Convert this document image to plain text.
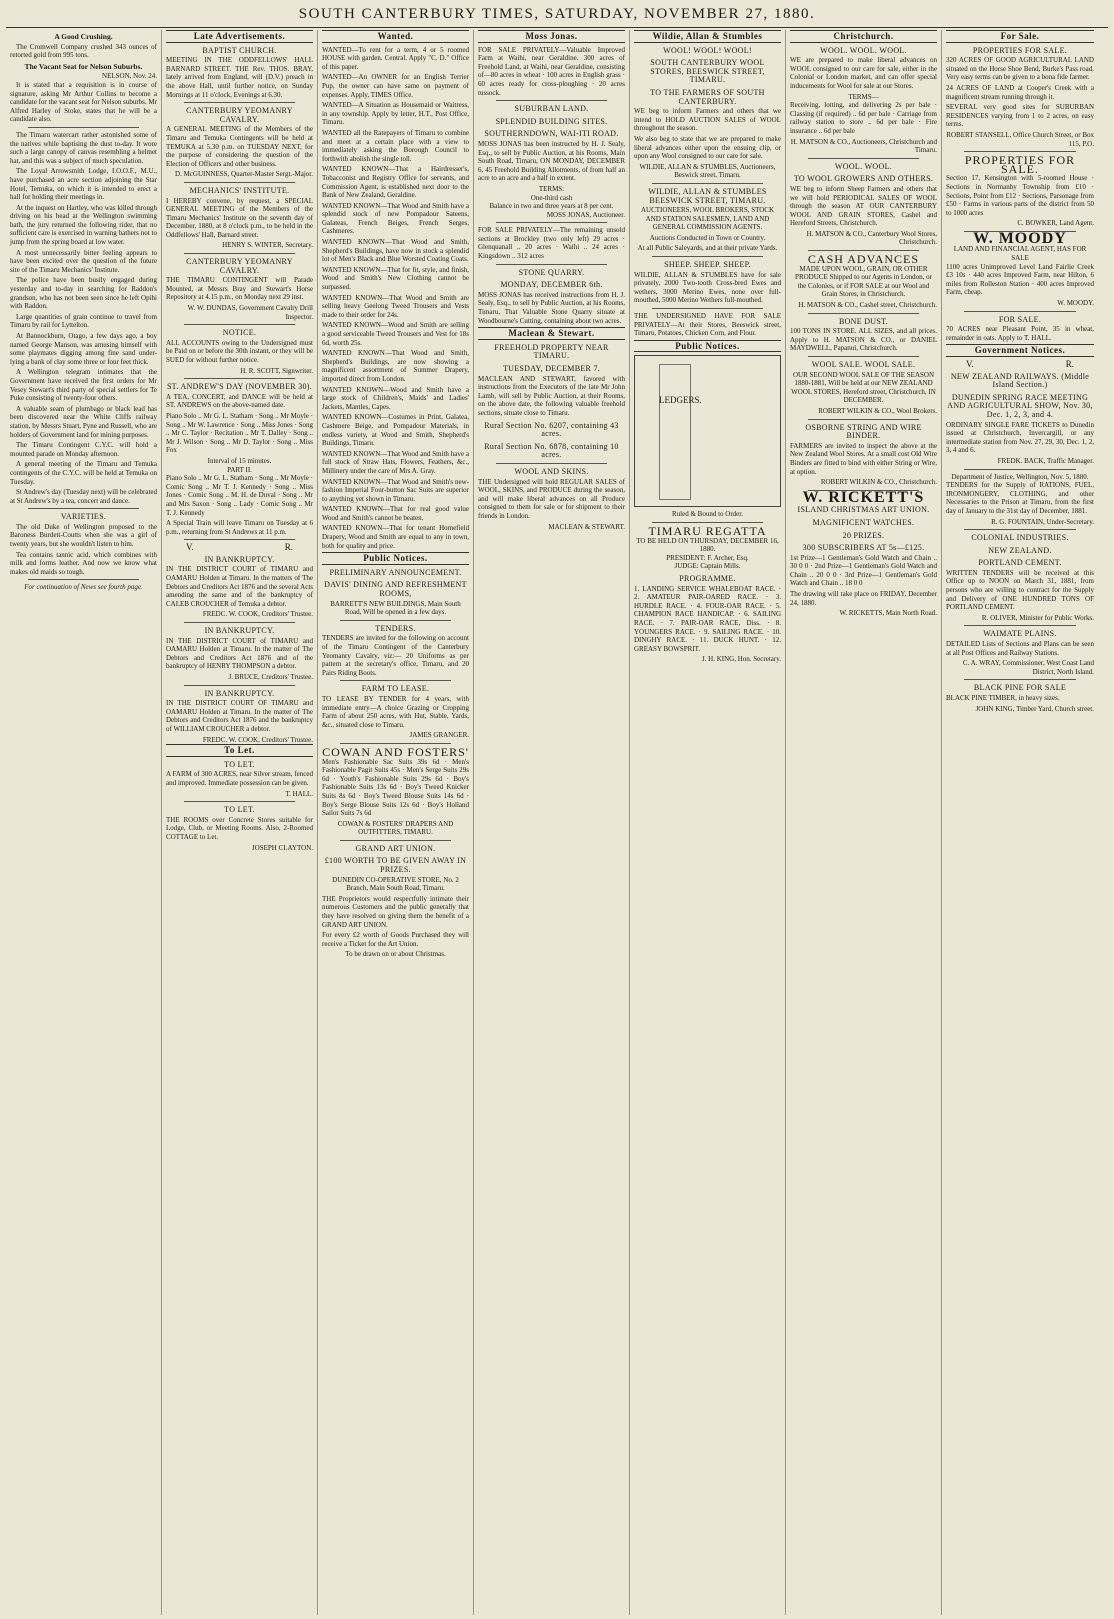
SOUTH CANTERBURY TIMES, SATURDAY, NOVEMBER 27, 1880.
A Good Crushing.

The Cromwell Company crushed 343 ounces of retorted gold from 995 tons.

The Vacant Seat for Nelson Suburbs.
NELSON, Nov. 24.

It is stated that a requisition is in course of signature, asking Mr Arthur Collins to become a candidate for the vacant seat for Nelson suburbs. Mr Alfred Harley of Stoke, states that he will be a candidate also.

The Timaru watercart rather astonished some of the natives while baptising the dust to-day. It wore such a large canopy of canvas resembling a helmet hat, and this was a subject of much speculation.

The Loyal Arrowsmith Lodge, I.O.O.F., M.U., have purchased an acre section adjoining the Star Hotel, Temuka, on which it is intended to erect a hall for holding their meetings in.

At the inquest on Hartley, who was killed through driving on his head at the Wellington swimming bath, the jury returned the following rider, that no sufficient care is exercised in warning bathers not to jump from the spring board at low water.

A most unnecessarily bitter feeling appears to have been excited over the question of the future site of the Timaru Mechanics' Institute.

The police have been busily engaged during yesterday and to-day in searching for Raddon's grandson, who has not been seen since he left Opihi with Raddon.

Large quantities of grain continue to travel from Timaru by rail for Lyttelton.

At Bannockburn, Otago, a few days ago, a boy named George Manson, was amusing himself with some playmates digging among fine sand under-lying a bank of clay some three or four feet thick.

A Wellington telegram intimates that the Government have received the first orders for Mr Vesey Stewart's third party of special settlers for Te Puke consisting of twenty-four others.

A valuable seam of plumbago or black lead has been discovered near the White Cliffs railway station, by Messrs Stuart, Pyne and Russell, who are holders of Government land for mining purposes.

The Timaru Contingent C.Y.C. will hold a mounted parade on Monday afternoon.

A general meeting of the Timaru and Temuka contingents of the C.Y.C. will be held at Temuka on Tuesday.

St Andrew's day (Tuesday next) will be celebrated at St Andrew's by a tea, concert and dance.

VARIETIES.

The old Duke of Wellington proposed to the Baroness Burdett-Coutts when she was a girl of twenty years, but she wouldn't listen to him.

Tea contains tannic acid, which combines with milk and forms leather. And now we know what makes old maids so tough.

For continuation of News see fourth page.
Late Advertisements.
BAPTIST CHURCH.

MEETING IN THE ODDFELLOWS' HALL BARNARD STREET. THE Rev. THOS. BRAY, lately arrived from England, will (D.V.) preach in the above Hall, until further notice, on Sunday Mornings at 11 o'clock, Evenings at 6.30.

CANTERBURY YEOMANRY CAVALRY.

A GENERAL MEETING of the Members of the Timaru and Temuka Contingents will be held at TEMUKA at 5.30 p.m. on TUESDAY NEXT, for the purpose of considering the question of the Election of Officers and other business.

D. McGUINNESS, Quarter-Master Sergt.-Major.
MECHANICS' INSTITUTE.

I HEREBY convene, by request, a SPECIAL GENERAL MEETING of the Members of the Timaru Mechanics' Institute on the seventh day of December, 1880, at 8 o'clock p.m., to be held in the Oddfellows' Hall, Barnard street.

HENRY S. WINTER, Secretary.
CANTERBURY YEOMANRY CAVALRY.

THE TIMARU CONTINGENT will Parade Mounted, at Messrs Bray and Stewart's Horse Repository at 4.15 p.m., on Monday next 29 inst.

W. W. DUNDAS, Government Cavalry Drill Inspector.
NOTICE.

ALL ACCOUNTS owing to the Undersigned must be Paid on or before the 30th instant, or they will be SUED for without further notice.

H. R. SCOTT, Signwriter.
ST. ANDREW'S DAY (NOVEMBER 30).

A TEA, CONCERT, and DANCE will be held at ST. ANDREWS on the above-named date.

Piano Solo .. Mr G. L. Statham · Song .. Mr Moyle · Song .. Mr W. Lawrence · Song .. Miss Jones · Song .. Mr C. Taylor · Recitation .. Mr T. Dalley · Song .. Mr J. Wilson · Song .. Mr D. Taylor · Song .. Miss Fox

Interval of 15 minutes.
PART II.

Piano Solo .. Mr G. L. Statham · Song .. Mr Moyle · Comic Song .. Mr T. J. Kennedy · Song .. Miss Jones · Comic Song .. M. H. de Duval · Song .. Mr and Mrs Saxon · Song .. Lady · Comic Song .. Mr T. J. Kennedy

A Special Train will leave Timaru on Tuesday at 6 p.m., returning from St Andrews at 11 p.m.

V.	R.
IN BANKRUPTCY.

IN THE DISTRICT COURT of TIMARU and OAMARU Holden at Timaru. In the matters of The Debtors and Creditors Act 1876 and the several Acts amending the same and of the bankruptcy of CALEB CROUCHER of Temuka a debtor.

FREDC. W. COOK, Creditors' Trustee.
IN BANKRUPTCY.

IN THE DISTRICT COURT of TIMARU and OAMARU Holden at Timaru. In the matter of The Debtors and Creditors Act 1876 and of the bankruptcy of HENRY THOMPSON a debtor.

J. BRUCE, Creditors' Trustee.
IN BANKRUPTCY.

IN THE DISTRICT COURT OF TIMARU and OAMARU Holden at Timaru. In the matter of The Debtors and Creditors Act 1876 and the bankruptcy of WILLIAM CROUCHER a debtor.

FREDC. W. COOK, Creditors' Trustee.
To Let.
TO LET.

A FARM of 300 ACRES, near Silver stream, fenced and improved. Immediate possession can be given.

T. HALL.
TO LET.

THE ROOMS over Concrete Stores suitable for Lodge, Club, or Meeting Rooms. Also, 2-Roomed COTTAGE to Let.

JOSEPH CLAYTON.
Wanted.

WANTED—To rent for a term, 4 or 5 roomed HOUSE with garden. Central. Apply "C. D." Office of this paper.

WANTED—An OWNER for an English Terrier Pup, the owner can have same on payment of expenses. Apply, TIMES Office.

WANTED—A Situation as Housemaid or Waitress, in any township. Apply by letter, H.T., Post Office, Timaru.

WANTED all the Ratepayers of Timaru to combine and meet at a certain place with a view to immediately asking the Borough Council to forthwith abolish the single toll.

WANTED KNOWN—That a Hairdresser's, Tobacconist and Registry Office for servants, and Commission Agent, is established next door to the Bank of New Zealand, Geraldine.

WANTED KNOWN—That Wood and Smith have a splendid stock of new Pompadour Sateens, Galateas, French Beiges, French Serges, Cashmeres.

WANTED KNOWN—That Wood and Smith, Shepherd's Buildings, have now in stock a splendid lot of Men's Black and Blue Worsted Coating Coats.

WANTED KNOWN—That for fit, style, and finish, Wood and Smith's New Clothing cannot be surpassed.

WANTED KNOWN—That Wood and Smith are selling heavy Geelong Tweed Trousers and Vests made to their order for 24s.

WANTED KNOWN—Wood and Smith are selling a good serviceable Tweed Trousers and Vest for 18s 6d, worth 25s.

WANTED KNOWN—That Wood and Smith, Shepherd's Buildings, are now showing a magnificent assortment of Summer Drapery, imported direct from London.

WANTED KNOWN—Wood and Smith have a large stock of Children's, Maids' and Ladies' Jackets, Mantles, Capes.

WANTED KNOWN—Costumes in Print, Galatea, Cashmere Beige, and Pompadour Materials, in endless variety, at Wood and Smith, Shepherd's Buildings, Timaru.

WANTED KNOWN—That Wood and Smith have a full stock of Straw Hats, Flowers, Feathers, &c., Millinery under the care of Mrs A. Gray.

WANTED KNOWN—That Wood and Smith's new-fashion Imperial Four-button Sac Suits are superior to anything yet shown in Timaru.

WANTED KNOWN—That for real good value Wood and Smith's cannot be beaten.

WANTED KNOWN—That for tenant Homefield Drapery, Wood and Smith are equal to any in town, both for quality and price.

Public Notices.
PRELIMINARY ANNOUNCEMENT.
DAVIS' DINING AND REFRESHMENT ROOMS,

BARRETT'S NEW BUILDINGS, Main South Road, Will be opened in a few days.

TENDERS.

TENDERS are invited for the following on account of the Timaru Contingent of the Canterbury Yeomanry Cavalry, viz:— 20 Uniforms as per pattern at the secretary's office, Timaru, and 20 Pairs Riding Boots.

FARM TO LEASE.

TO LEASE BY TENDER for 4 years, with immediate entry—A choice Grazing or Cropping Farm of about 250 acres, with Hut, Stable, Yards, &c., situated close to Timaru.

JAMES GRANGER.
COWAN AND FOSTERS'

Men's Fashionable Sac Suits 39s 6d · Men's Fashionable Pagit Suits 45s · Men's Serge Suits 29s 6d · Youth's Fashionable Suits 29s 6d · Boy's Fashionable Suits 13s 6d · Boy's Tweed Knicker Suits 8s 6d · Boy's Tweed Blouse Suits 14s 6d · Boy's Serge Blouse Suits 12s 6d · Boy's Holland Sailor Suits 7s 6d

COWAN & FOSTERS' DRAPERS AND OUTFITTERS, TIMARU.
GRAND ART UNION.
£100 WORTH TO BE GIVEN AWAY IN PRIZES.

DUNEDIN CO-OPERATIVE STORE, No. 2 Branch, Main South Road, Timaru.

THE Proprietors would respectfully intimate their numerous Customers and the public generally that they have resolved on giving them the benefit of a GRAND ART UNION.

For every £2 worth of Goods Purchased they will receive a Ticket for the Art Union.

To be drawn on or about Christmas.

Moss Jonas.

FOR SALE PRIVATELY—Valuable Improved Farm at Waihi, near Geraldine. 300 acres of Freehold Land, at Waihi, near Geraldine, consisting of—80 acres in wheat · 100 acres in English grass · 60 acres ready for cross-ploughing · 20 acres tussock.

SUBURBAN LAND.
SPLENDID BUILDING SITES.
SOUTHERNDOWN, WAI-ITI ROAD.

MOSS JONAS has been instructed by H. J. Sealy, Esq., to sell by Public Auction, at his Rooms, Main South Road, Timaru, ON MONDAY, DECEMBER 6, 45 Freehold Building Allotments, of from half an acre to an acre and a half in extent.

TERMS:
One-third cash
Balance in two and three years at 8 per cent.
MOSS JONAS, Auctioneer.

FOR SALE PRIVATELY—The remaining unsold sections at Brockley (two only left) 29 acres · Glenquanall .. 20 acres · Waihi .. 24 acres · Kingsdown .. 312 acres

STONE QUARRY.
MONDAY, DECEMBER 6th.

MOSS JONAS has received instructions from H. J. Sealy, Esq., to sell by Public Auction, at his Rooms, Timaru, That Valuable Stone Quarry situate at Woodbourne's Cutting, containing about two acres.

Maclean & Stewart.
FREEHOLD PROPERTY NEAR TIMARU.
TUESDAY, DECEMBER 7.

MACLEAN AND STEWART, favored with instructions from the Executors of the late Mr John Lamb, will sell by Public Auction, at their Rooms, on the above date, the following valuable freehold sections, situate close to Timaru.

Rural Section No. 6207, containing 43 acres.
Rural Section No. 6878, containing 10 acres.
WOOL AND SKINS.

THE Undersigned will hold REGULAR SALES of WOOL, SKINS, and PRODUCE during the season, and will make liberal advances on all Produce consigned to them for sale or for shipment to their friends in London.

MACLEAN & STEWART.
Wildie, Allan & Stumbles
WOOL! WOOL! WOOL!
SOUTH CANTERBURY WOOL STORES, BEESWICK STREET, TIMARU.
TO THE FARMERS OF SOUTH CANTERBURY.

WE beg to inform Farmers and others that we intend to HOLD AUCTION SALES of WOOL throughout the season.

We also beg to state that we are prepared to make liberal advances either upon the ensuing clip, or upon any Wool consigned to our care for sale.

WILDIE, ALLAN & STUMBLES, Auctioneers, Beswick street, Timaru.
WILDIE, ALLAN & STUMBLES BEESWICK STREET, TIMARU.

AUCTIONEERS, WOOL BROKERS, STOCK AND STATION SALESMEN, LAND AND GENERAL COMMISSION AGENTS.

Auctions Conducted in Town or Country.

At all Public Saleyards, and at their private Yards.

SHEEP. SHEEP. SHEEP.

WILDIE, ALLAN & STUMBLES have for sale privately, 2000 Two-tooth Cross-bred Ewes and wethers, 3000 Merino Ewes, none over full-mouthed, 5000 Merino Wethers full-mouthed.

THE UNDERSIGNED HAVE FOR SALE PRIVATELY—At their Stores, Beeswick street, Timaru, Potatoes, Chicken Corn, and Flour.

Public Notices.
LEDGERS.
Ruled & Bound to Order.
TIMARU REGATTA
TO BE HELD ON THURSDAY, DECEMBER 16, 1880.
PRESIDENT: F. Archer, Esq.
JUDGE: Captain Mills.
PROGRAMME.

1. LANDING SERVICE WHALEBOAT RACE. · 2. AMATEUR PAIR-OARED RACE. · 3. HURDLE RACE. · 4. FOUR-OAR RACE. · 5. CHAMPION RACE HANDICAP. · 6. SAILING RACE. · 7. PAIR-OAR RACE, Diss. · 8. YOUNGERS RACE. · 9. SAILING RACE. · 10. DINGHY RACE. · 11. DUCK HUNT. · 12. GREASY BOWSPRIT.

J. H. KING, Hon. Secretary.
Christchurch.
WOOL. WOOL. WOOL.

WE are prepared to make liberal advances on WOOL consigned to our care for sale, either in the Colonial or London market, and can offer special inducements for Wool for sale at our Stores.

TERMS—

Receiving, lotting, and delivering 2s per bale · Classing (if required) .. 6d per bale · Carriage from railway station to store .. 6d per bale · Fire insurance .. 6d per bale

H. MATSON & CO., Auctioneers, Christchurch and Timaru.
WOOL. WOOL.
TO WOOL GROWERS AND OTHERS.

WE beg to inform Sheep Farmers and others that we will hold PERIODICAL SALES OF WOOL through the season AT OUR CANTERBURY WOOL AND GRAIN STORES, Cashel and Hereford Streets, Christchurch.

H. MATSON & CO., Canterbury Wool Stores, Christchurch.
CASH ADVANCES

MADE UPON WOOL, GRAIN, OR OTHER PRODUCE Shipped to our Agents in London, or the Colonies, or if FOR SALE at our Wool and Grain Stores, in Christchurch.

H. MATSON & CO., Cashel street, Christchurch.
BONE DUST.

100 TONS IN STORE. ALL SIZES, and all prices. Apply to H. MATSON & CO., or DANIEL MAYDWELL, Papanui, Christchurch.

WOOL SALE. WOOL SALE.

OUR SECOND WOOL SALE OF THE SEASON 1880-1881, Will be held at our NEW ZEALAND WOOL STORES, Hereford street, Christchurch, IN DECEMBER.

ROBERT WILKIN & CO., Wool Brokers.
OSBORNE STRING AND WIRE BINDER.

FARMERS are invited to inspect the above at the New Zealand Wool Stores. At a small cost Old Wire Binders are fitted to bind with either String or Wire, at option.

ROBERT WILKIN & CO., Christchurch.
W. RICKETT'S
ISLAND CHRISTMAS ART UNION.
MAGNIFICENT WATCHES.
20 PRIZES.
300 SUBSCRIBERS AT 5s—£125.

1st Prize—1 Gentleman's Gold Watch and Chain .. 30 0 0 · 2nd Prize—1 Gentleman's Gold Watch and Chain .. 20 0 0 · 3rd Prize—1 Gentleman's Gold Watch and Chain .. 18 0 0

The drawing will take place on FRIDAY, December 24, 1880.

W. RICKETTS, Main North Road.
For Sale.
PROPERTIES FOR SALE.

320 ACRES OF GOOD AGRICULTURAL LAND situated on the Horse Shoe Bend, Burke's Pass road. Very easy terms can be given to a bona fide farmer.

24 ACRES OF LAND at Cooper's Creek with a magnificent stream running through it.

SEVERAL very good sites for SUBURBAN RESIDENCES varying from 1 to 2 acres, on easy terms.

ROBERT STANSELL, Office Church Street, or Box 115, P.O.
PROPERTIES FOR SALE.

Section 17, Kensington with 5-roomed House · Sections in Normanby Township from £10 · Sections, Point from £12 · Sections, Parsonage from £50 · Farms in various parts of the district from 50 to 1000 acres

C. BOWKER, Land Agent.
W. MOODY
LAND AND FINANCIAL AGENT, HAS FOR SALE

1100 acres Unimproved Level Land Fairlie Creek £3 10s · 440 acres Improved Farm, near Hilton, 6 miles from Rolleston Station · 400 acres Improved Farm, cheap.

W. MOODY.
FOR SALE.

70 ACRES near Pleasant Point, 35 in wheat, remainder in oats. Apply to T. HALL.

Government Notices.
V.	R.
NEW ZEALAND RAILWAYS. (Middle Island Section.)
DUNEDIN SPRING RACE MEETING AND AGRICULTURAL SHOW, Nov. 30, Dec. 1, 2, 3, and 4.

ORDINARY SINGLE FARE TICKETS to Dunedin issued at Christchurch, Invercargill, or any intermediate station from Nov. 27, 29, 30, Dec. 1, 2, 3, 4 and 6.

FREDK. BACK, Traffic Manager.
Department of Justice, Wellington, Nov. 5, 1880.

TENDERS for the Supply of RATIONS, FUEL, IRONMONGERY, CLOTHING, and other Necessaries to the Prison at Timaru, from the first day of January to the 31st day of December, 1881.

R. G. FOUNTAIN, Under-Secretary.
COLONIAL INDUSTRIES.
NEW ZEALAND.
PORTLAND CEMENT.

WRITTEN TENDERS will be received at this Office up to NOON on March 31, 1881, from persons who are willing to contract for the Supply and Delivery of ONE HUNDRED TONS OF PORTLAND CEMENT.

R. OLIVER, Minister for Public Works.
WAIMATE PLAINS.

DETAILED Lists of Sections and Plans can be seen at all Post Offices and Railway Stations.

C. A. WRAY, Commissioner, West Coast Land District, North Island.
BLACK PINE FOR SALE

BLACK PINE TIMBER, in heavy sizes.

JOHN KING, Timber Yard, Church street.
